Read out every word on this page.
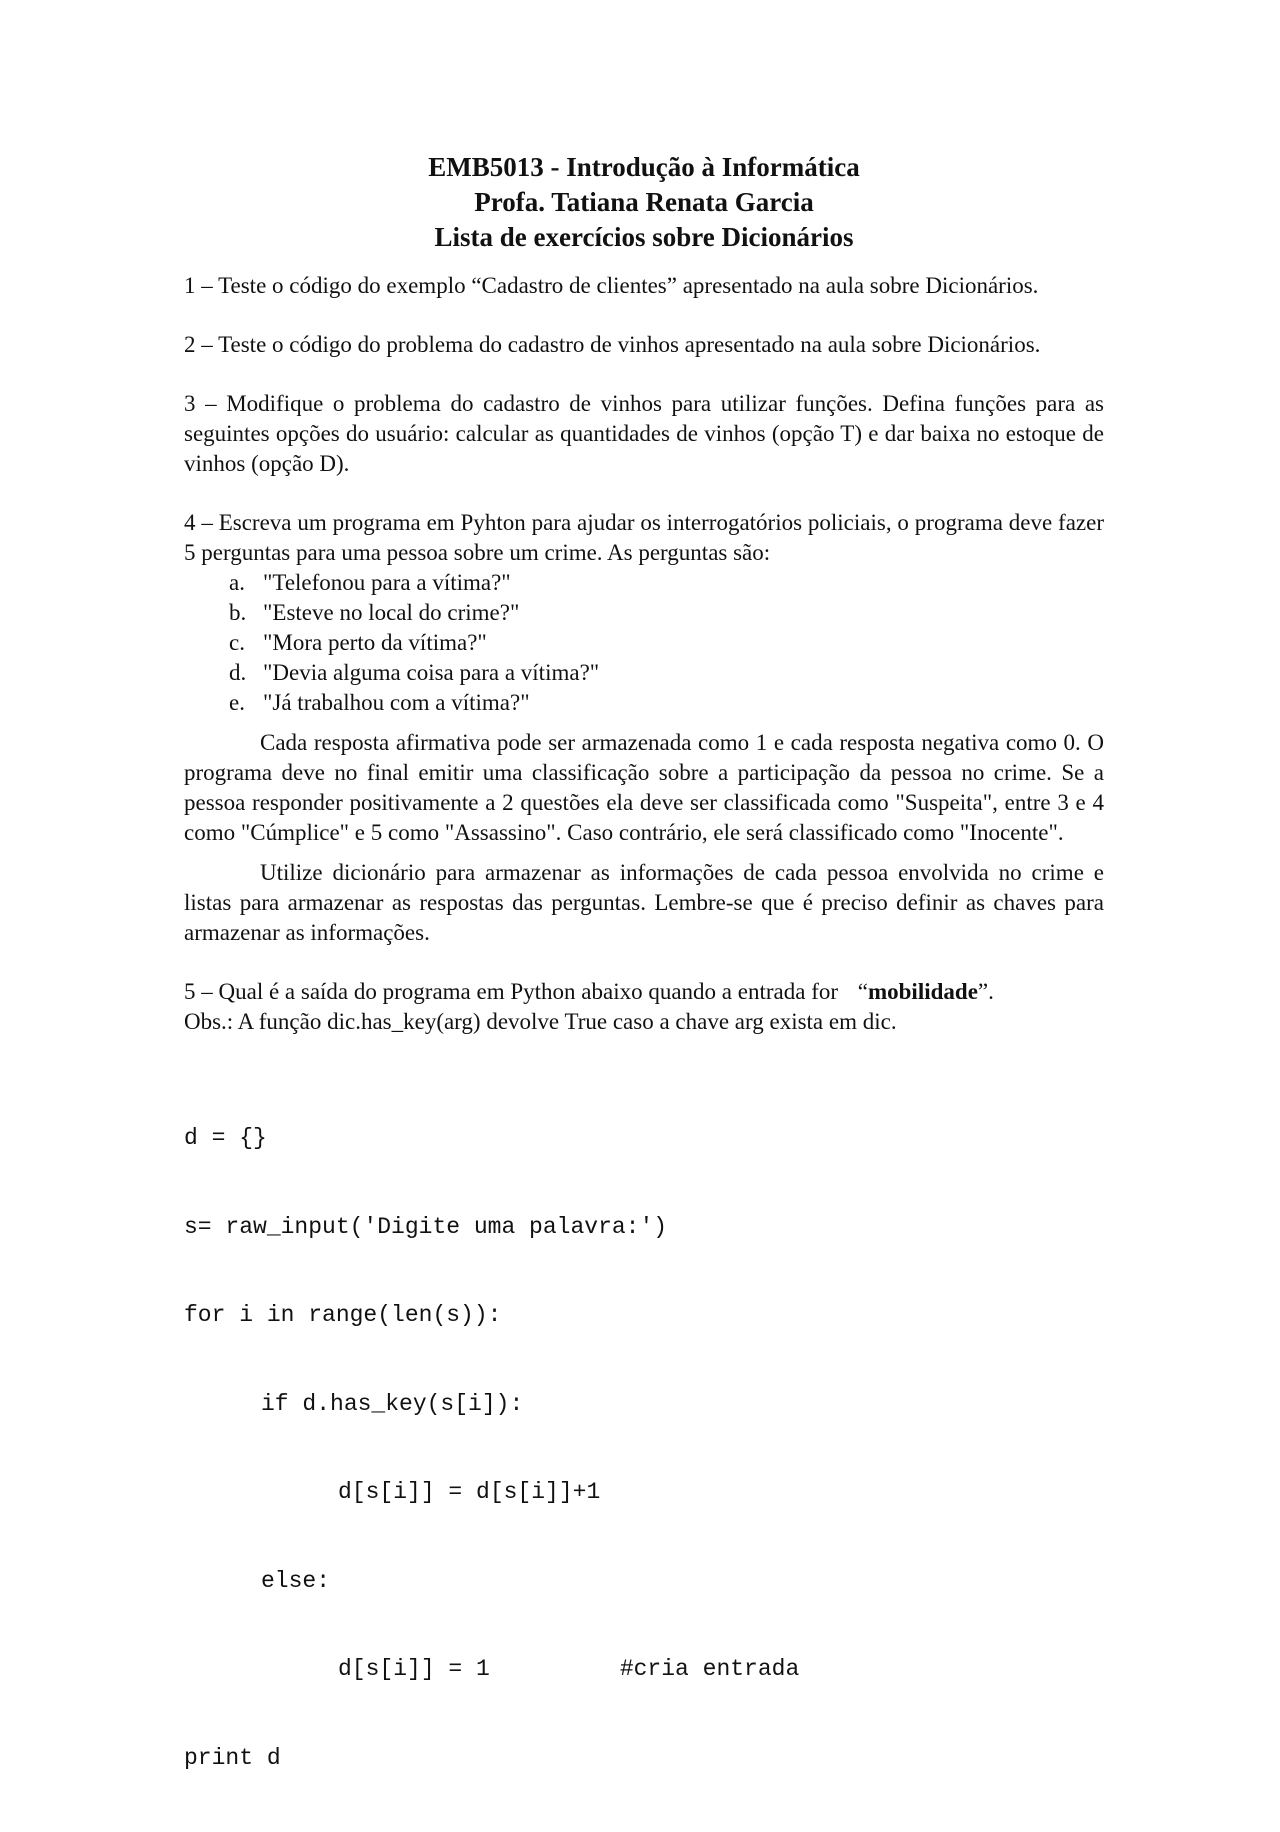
EMB5013 - Introdução à Informática
Profa. Tatiana Renata Garcia
Lista de exercícios sobre Dicionários

1 – Teste o código do exemplo “Cadastro de clientes” apresentado na aula sobre Dicionários.

2 – Teste o código do problema do cadastro de vinhos apresentado na aula sobre Dicionários.

3 – Modifique o problema do cadastro de vinhos para utilizar funções. Defina funções para as seguintes opções do usuário: calcular as quantidades de vinhos (opção T) e dar baixa no estoque de vinhos (opção D).

4 – Escreva um programa em Pyhton para ajudar os interrogatórios policiais, o programa deve fazer 5 perguntas para uma pessoa sobre um crime. As perguntas são:

a. "Telefonou para a vítima?"
b. "Esteve no local do crime?"
c. "Mora perto da vítima?"
d. "Devia alguma coisa para a vítima?"
e. "Já trabalhou com a vítima?"

Cada resposta afirmativa pode ser armazenada como 1 e cada resposta negativa como 0. O programa deve no final emitir uma classificação sobre a participação da pessoa no crime. Se a pessoa responder positivamente a 2 questões ela deve ser classificada como "Suspeita", entre 3 e 4 como "Cúmplice" e 5 como "Assassino". Caso contrário, ele será classificado como "Inocente".

Utilize dicionário para armazenar as informações de cada pessoa envolvida no crime e listas para armazenar as respostas das perguntas. Lembre-se que é preciso definir as chaves para armazenar as informações.

5 – Qual é a saída do programa em Python abaixo quando a entrada for “mobilidade”.
Obs.: A função dic.has_key(arg) devolve True caso a chave arg exista em dic.

d = {}

s= raw_input('Digite uma palavra:')

for i in range(len(s)):

if d.has_key(s[i]):

d[s[i]] = d[s[i]]+1

else:

d[s[i]] = 1	#cria entrada

print d
